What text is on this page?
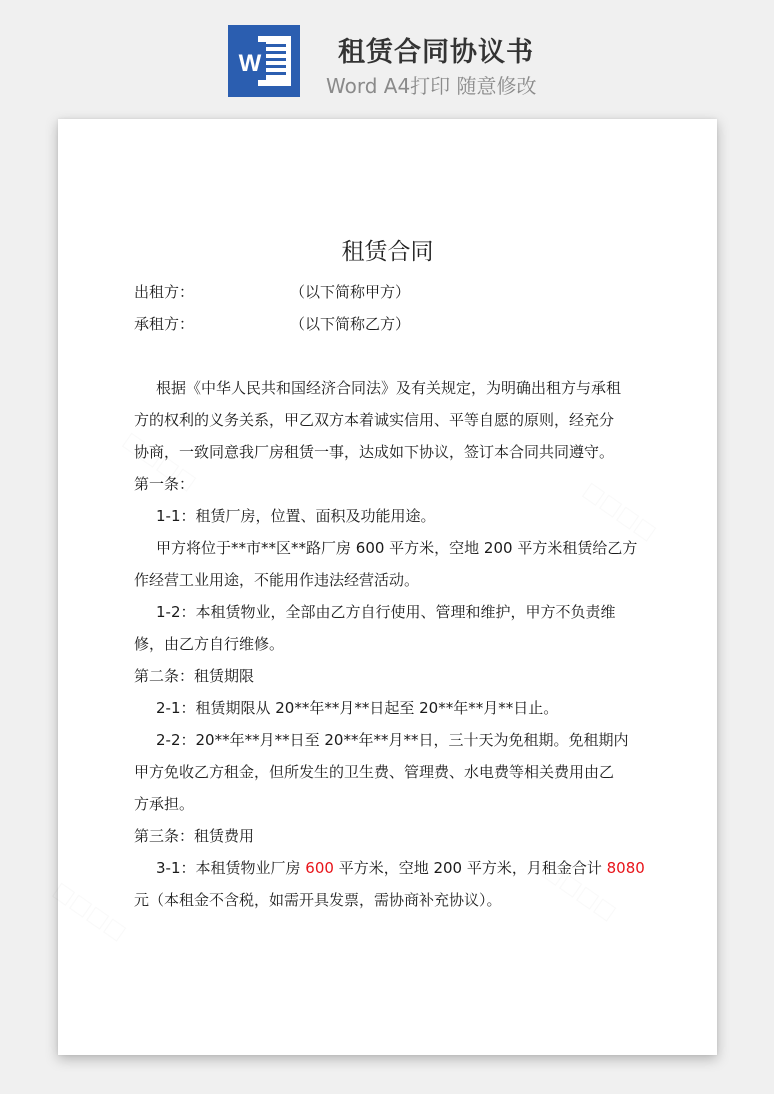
W	租赁合同协议书
Word A4打印 随意修改
租赁合同
出租方：	（以下简称甲方）
承租方：	（以下简称乙方）
根据《中华人民共和国经济合同法》及有关规定，为明确出租方与承租
方的权利的义务关系，甲乙双方本着诚实信用、平等自愿的原则，经充分
协商，一致同意我厂房租赁一事，达成如下协议，签订本合同共同遵守。
第一条：
1-1：租赁厂房，位置、面积及功能用途。
甲方将位于**市**区**路厂房 600 平方米，空地 200 平方米租赁给乙方
作经营工业用途，不能用作违法经营活动。
1-2：本租赁物业，全部由乙方自行使用、管理和维护，甲方不负责维
修，由乙方自行维修。
第二条：租赁期限
2-1：租赁期限从 20**年**月**日起至 20**年**月**日止。
2-2：20**年**月**日至 20**年**月**日，三十天为免租期。免租期内
甲方免收乙方租金，但所发生的卫生费、管理费、水电费等相关费用由乙
方承担。
第三条：租赁费用
3-1：本租赁物业厂房 600 平方米，空地 200 平方米，月租金合计 8080
元（本租金不含税，如需开具发票，需协商补充协议）。
